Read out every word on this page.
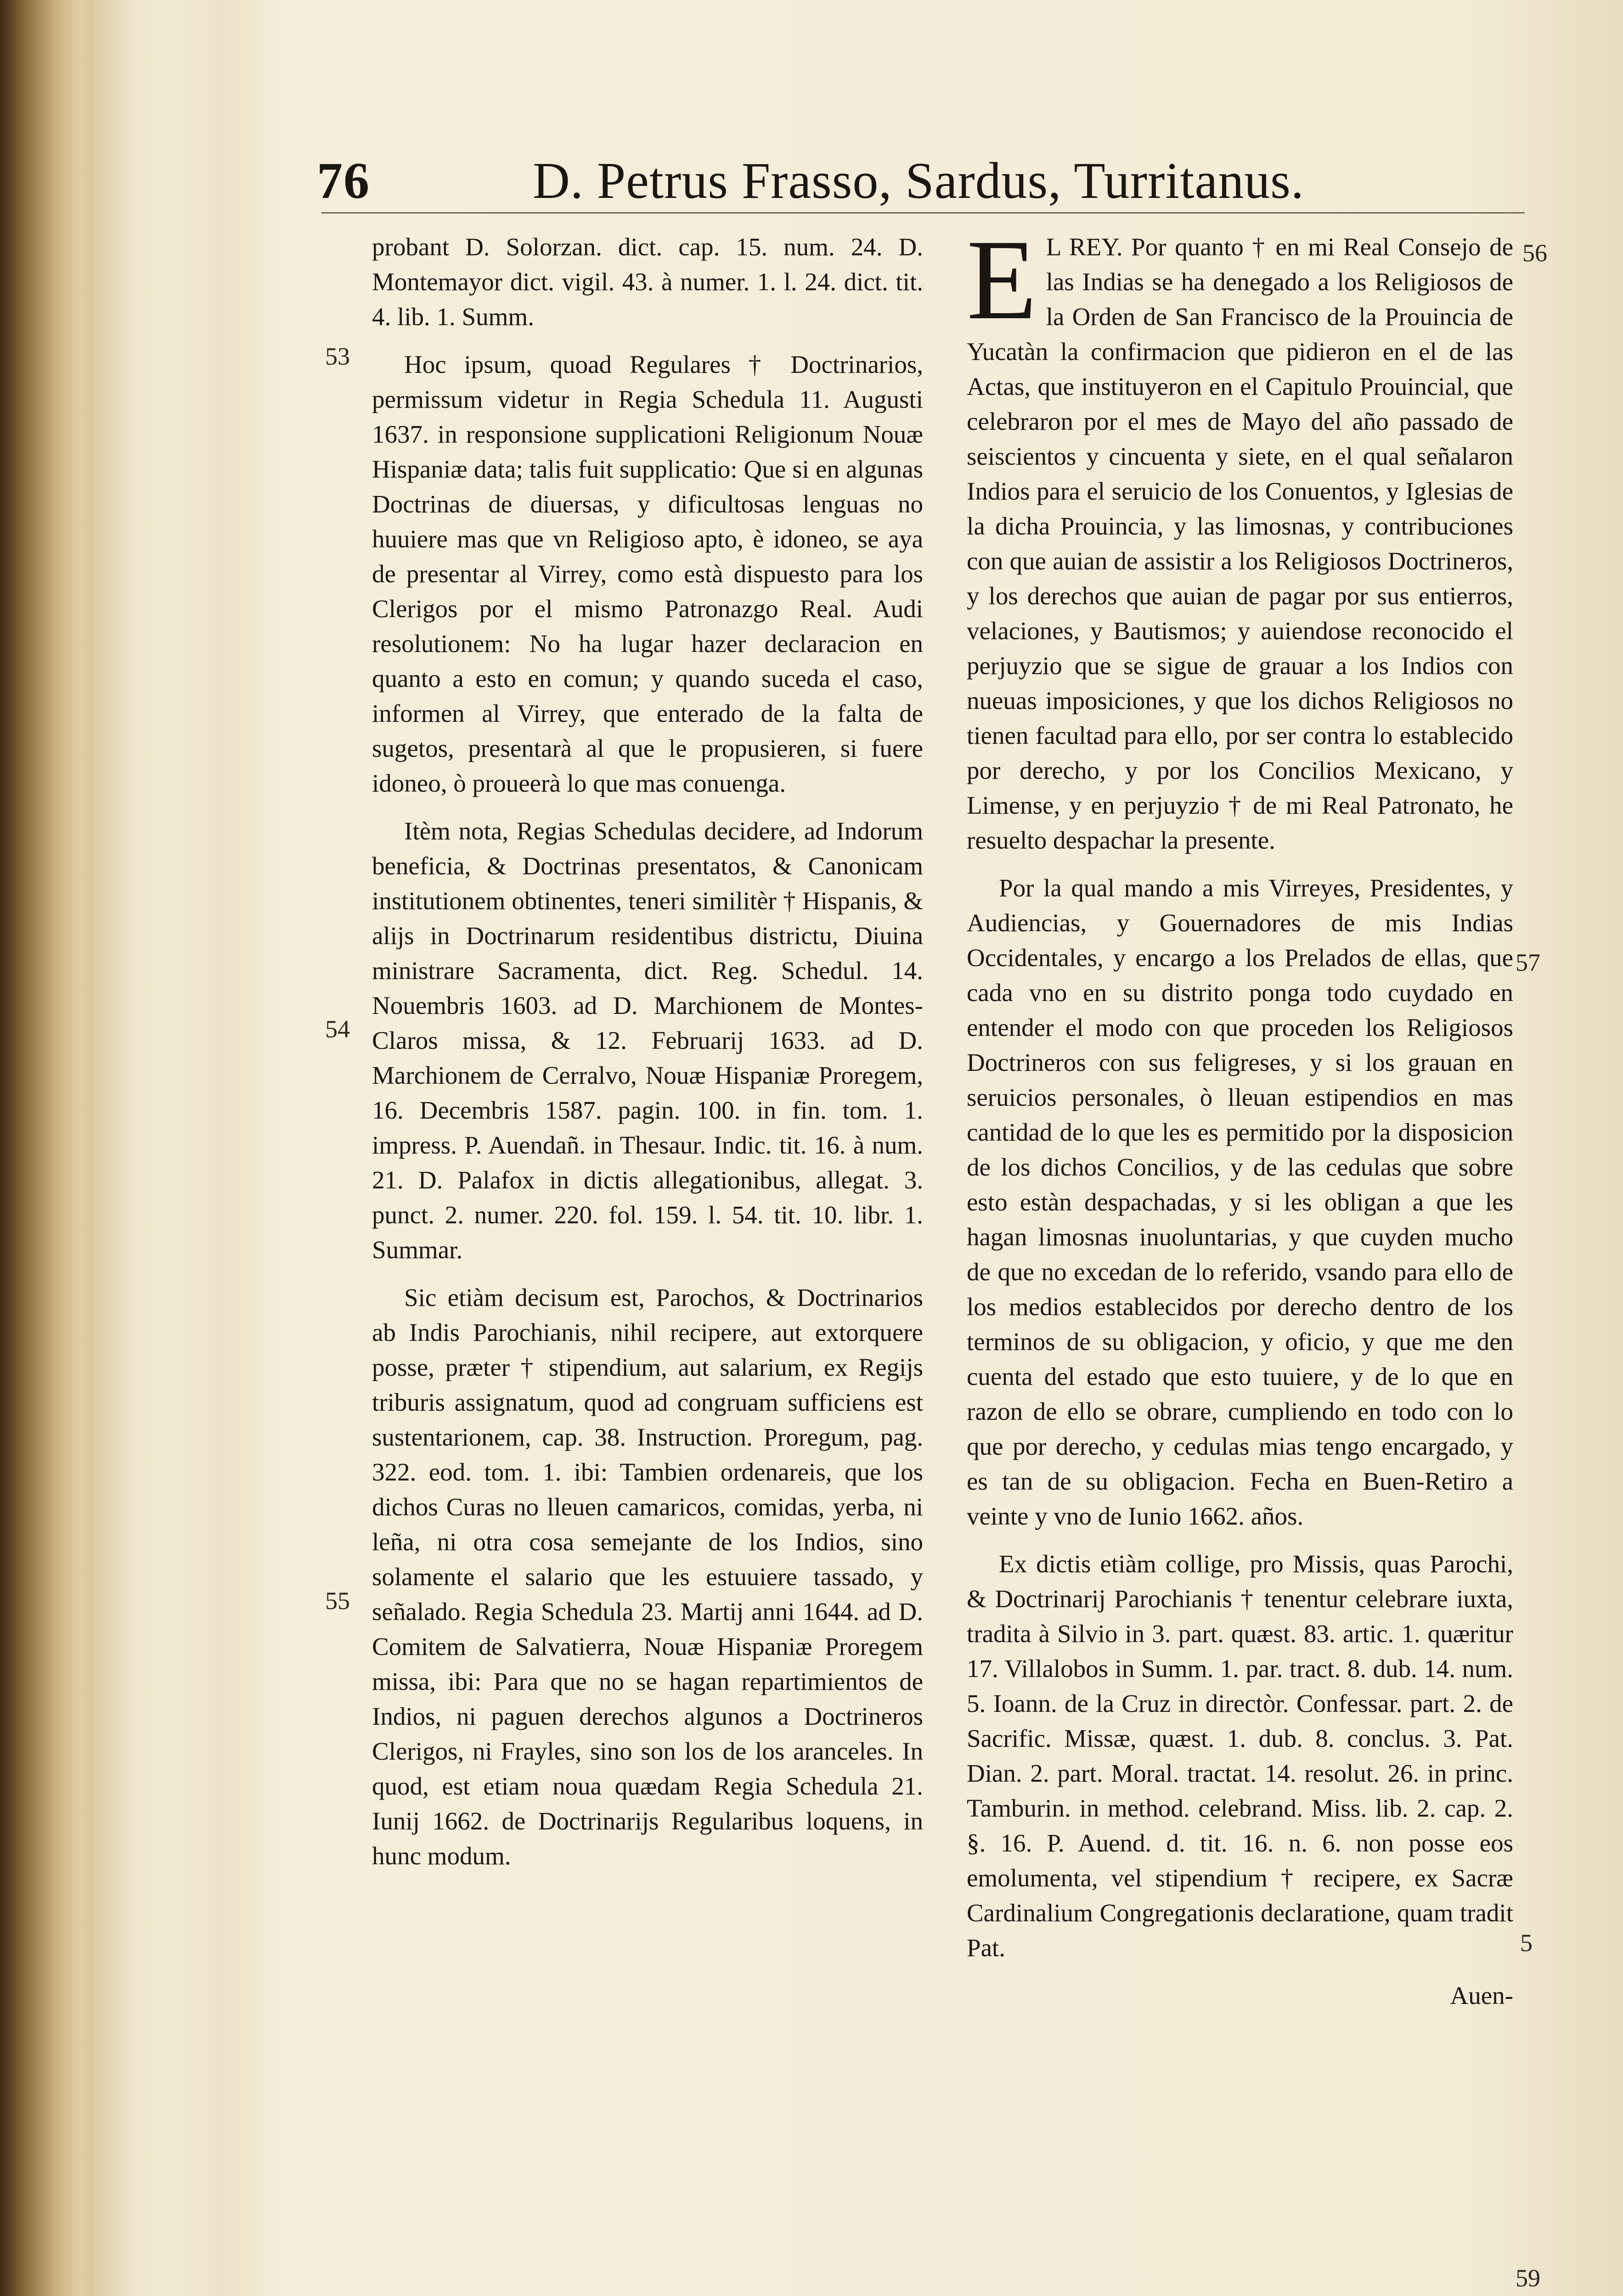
76	D. Petrus Frasso, Sardus, Turritanus.
53
54
55
56
57
5
59

probant D. Solorzan. dict. cap. 15. num. 24. D. Montemayor dict. vigil. 43. à numer. 1. l. 24. dict. tit. 4. lib. 1. Summ.

Hoc ipsum, quoad Regulares † Doctrinarios, permissum videtur in Regia Schedula 11. Augusti 1637. in responsione supplicationi Religionum Nouæ Hispaniæ data; talis fuit supplicatio: Que si en algunas Doctrinas de diuersas, y dificultosas lenguas no huuiere mas que vn Religioso apto, è idoneo, se aya de presentar al Virrey, como està dispuesto para los Clerigos por el mismo Patronazgo Real. Audi resolutionem: No ha lugar hazer declaracion en quanto a esto en comun; y quando suceda el caso, informen al Virrey, que enterado de la falta de sugetos, presentarà al que le propusieren, si fuere idoneo, ò proueerà lo que mas conuenga.

Itèm nota, Regias Schedulas decidere, ad Indorum beneficia, & Doctrinas presentatos, & Canonicam institutionem obtinentes, teneri similitèr † Hispanis, & alijs in Doctrinarum residentibus districtu, Diuina ministrare Sacramenta, dict. Reg. Schedul. 14. Nouembris 1603. ad D. Marchionem de Montes-Claros missa, & 12. Februarij 1633. ad D. Marchionem de Cerralvo, Nouæ Hispaniæ Proregem, 16. Decembris 1587. pagin. 100. in fin. tom. 1. impress. P. Auendañ. in Thesaur. Indic. tit. 16. à num. 21. D. Palafox in dictis allegationibus, allegat. 3. punct. 2. numer. 220. fol. 159. l. 54. tit. 10. libr. 1. Summar.

Sic etiàm decisum est, Parochos, & Doctrinarios ab Indis Parochianis, nihil recipere, aut extorquere posse, præter † stipendium, aut salarium, ex Regijs triburis assignatum, quod ad congruam sufficiens est sustentarionem, cap. 38. Instruction. Proregum, pag. 322. eod. tom. 1. ibi: Tambien ordenareis, que los dichos Curas no lleuen camaricos, comidas, yerba, ni leña, ni otra cosa semejante de los Indios, sino solamente el salario que les estuuiere tassado, y señalado. Regia Schedula 23. Martij anni 1644. ad D. Comitem de Salvatierra, Nouæ Hispaniæ Proregem missa, ibi: Para que no se hagan repartimientos de Indios, ni paguen derechos algunos a Doctrineros Clerigos, ni Frayles, sino son los de los aranceles. In quod, est etiam noua quædam Regia Schedula 21. Iunij 1662. de Doctrinarijs Regularibus loquens, in hunc modum.

E L REY. Por quanto † en mi Real Consejo de las Indias se ha denegado a los Religiosos de la Orden de San Francisco de la Prouincia de Yucatàn la confirmacion que pidieron en el de las Actas, que instituyeron en el Capitulo Prouincial, que celebraron por el mes de Mayo del año passado de seiscientos y cincuenta y siete, en el qual señalaron Indios para el seruicio de los Conuentos, y Iglesias de la dicha Prouincia, y las limosnas, y contribuciones con que auian de assistir a los Religiosos Doctrineros, y los derechos que auian de pagar por sus entierros, velaciones, y Bautismos; y auiendose reconocido el perjuyzio que se sigue de grauar a los Indios con nueuas imposiciones, y que los dichos Religiosos no tienen facultad para ello, por ser contra lo establecido por derecho, y por los Concilios Mexicano, y Limense, y en perjuyzio † de mi Real Patronato, he resuelto despachar la presente.

Por la qual mando a mis Virreyes, Presidentes, y Audiencias, y Gouernadores de mis Indias Occidentales, y encargo a los Prelados de ellas, que cada vno en su distrito ponga todo cuydado en entender el modo con que proceden los Religiosos Doctrineros con sus feligreses, y si los grauan en seruicios personales, ò lleuan estipendios en mas cantidad de lo que les es permitido por la disposicion de los dichos Concilios, y de las cedulas que sobre esto estàn despachadas, y si les obligan a que les hagan limosnas inuoluntarias, y que cuyden mucho de que no excedan de lo referido, vsando para ello de los medios establecidos por derecho dentro de los terminos de su obligacion, y oficio, y que me den cuenta del estado que esto tuuiere, y de lo que en razon de ello se obrare, cumpliendo en todo con lo que por derecho, y cedulas mias tengo encargado, y es tan de su obligacion. Fecha en Buen-Retiro a veinte y vno de Iunio 1662. años.

Ex dictis etiàm collige, pro Missis, quas Parochi, & Doctrinarij Parochianis † tenentur celebrare iuxta, tradita à Silvio in 3. part. quæst. 83. artic. 1. quæritur 17. Villalobos in Summ. 1. par. tract. 8. dub. 14. num. 5. Ioann. de la Cruz in directòr. Confessar. part. 2. de Sacrific. Missæ, quæst. 1. dub. 8. conclus. 3. Pat. Dian. 2. part. Moral. tractat. 14. resolut. 26. in princ. Tamburin. in method. celebrand. Miss. lib. 2. cap. 2. §. 16. P. Auend. d. tit. 16. n. 6. non posse eos emolumenta, vel stipendium † recipere, ex Sacræ Cardinalium Congregationis declaratione, quam tradit Pat.

Auen-
